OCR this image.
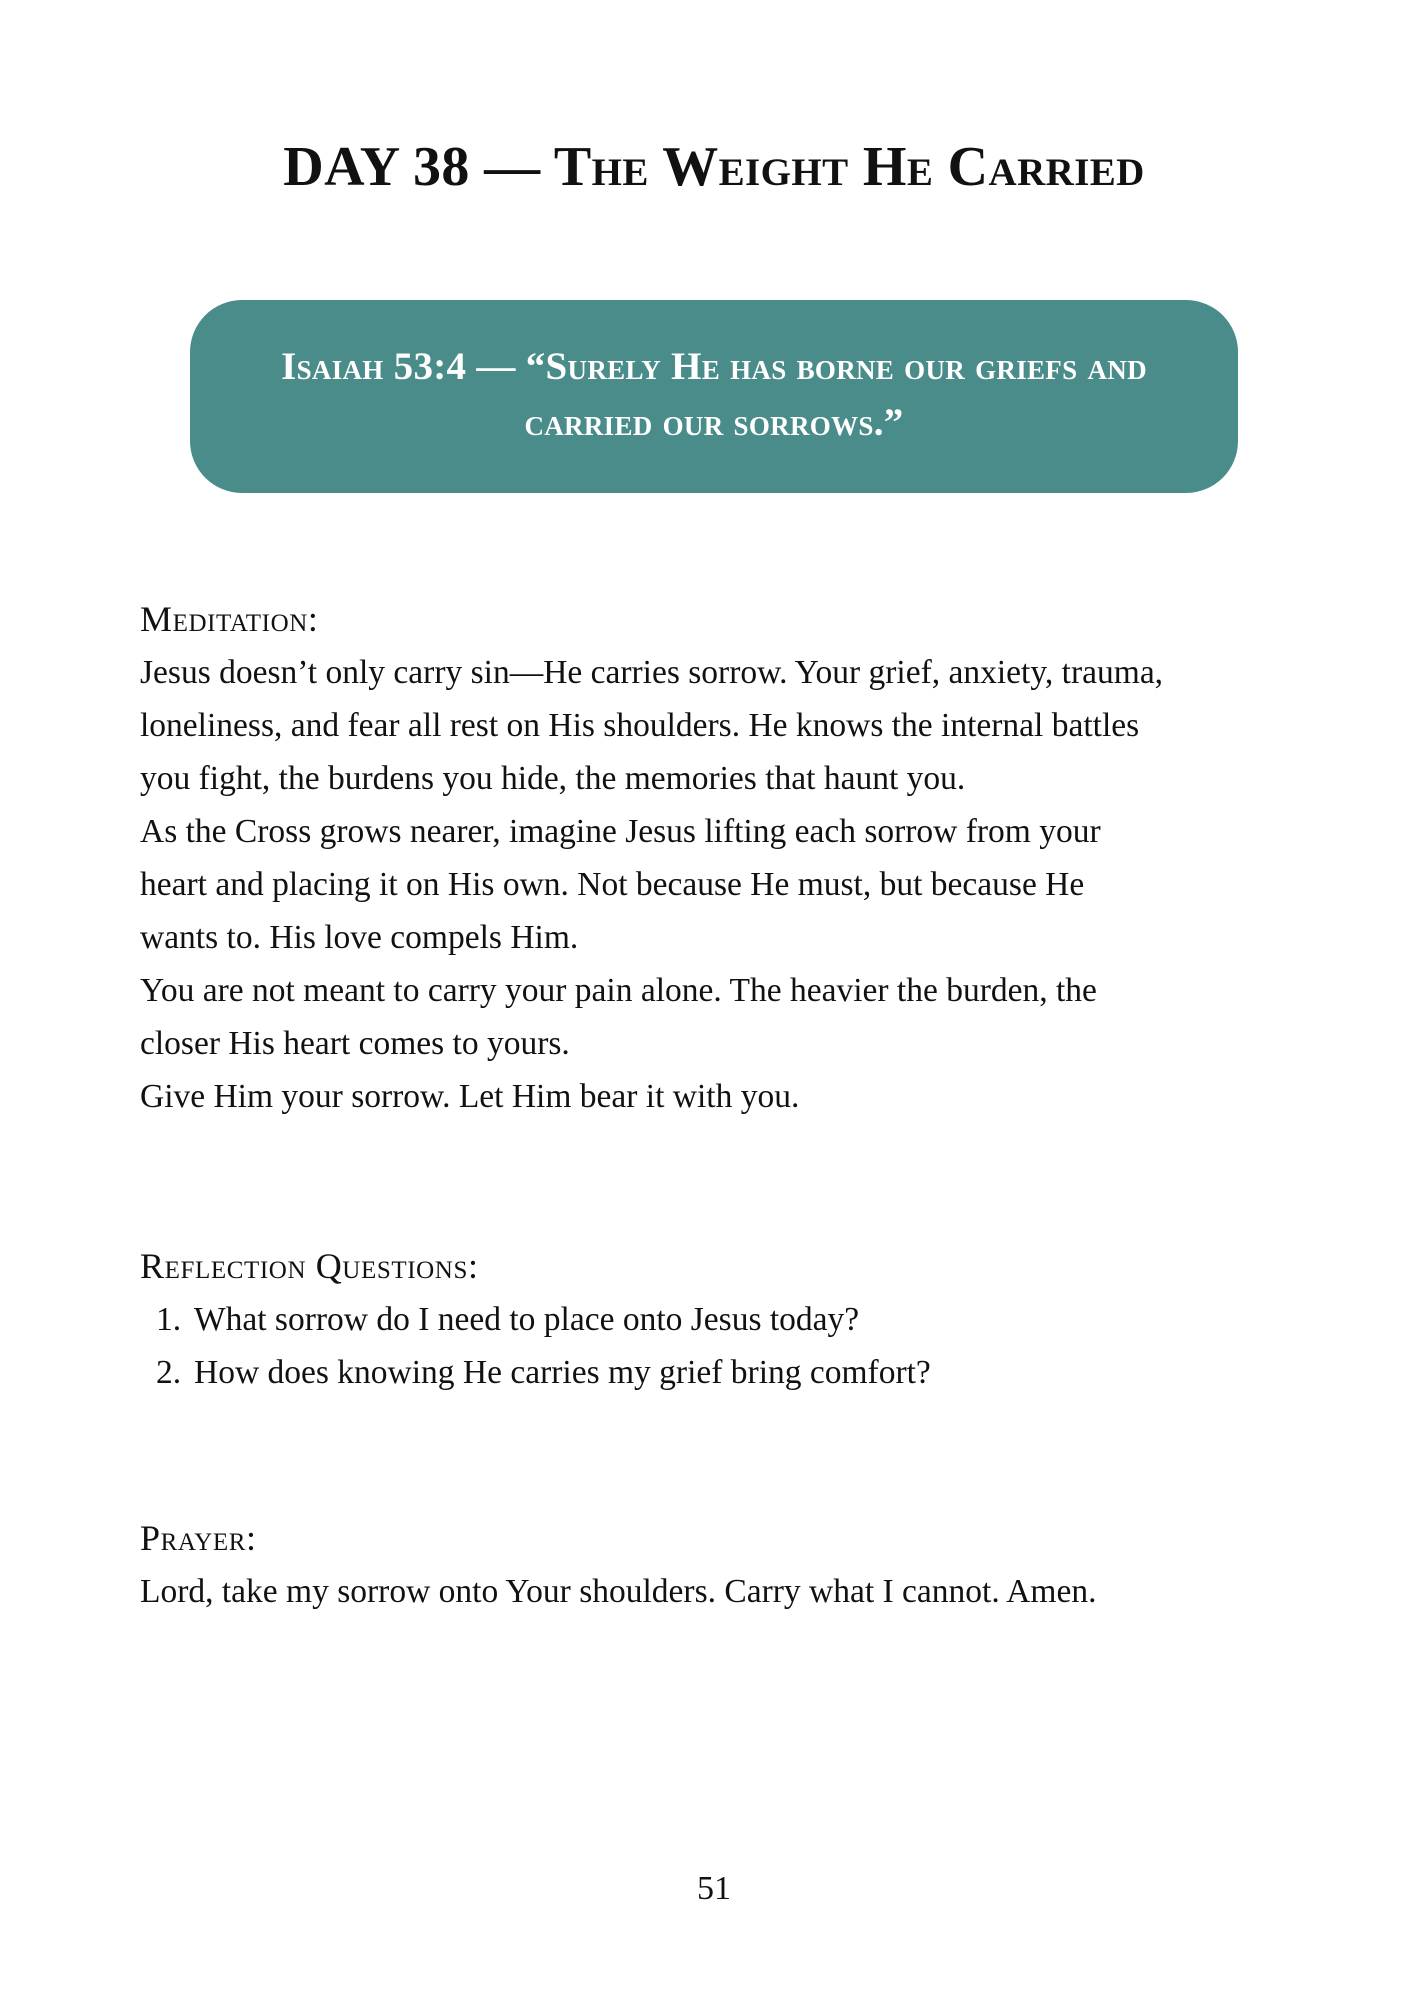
DAY 38 — The Weight He Carried
Isaiah 53:4 — “Surely He has borne our griefs and carried our sorrows.”
Meditation:

Jesus doesn’t only carry sin—He carries sorrow. Your grief, anxiety, trauma,

loneliness, and fear all rest on His shoulders. He knows the internal battles

you fight, the burdens you hide, the memories that haunt you.

As the Cross grows nearer, imagine Jesus lifting each sorrow from your

heart and placing it on His own. Not because He must, but because He

wants to. His love compels Him.

You are not meant to carry your pain alone. The heavier the burden, the

closer His heart comes to yours.

Give Him your sorrow. Let Him bear it with you.

Reflection Questions:
1. What sorrow do I need to place onto Jesus today?
2. How does knowing He carries my grief bring comfort?
Prayer:

Lord, take my sorrow onto Your shoulders. Carry what I cannot. Amen.

51
